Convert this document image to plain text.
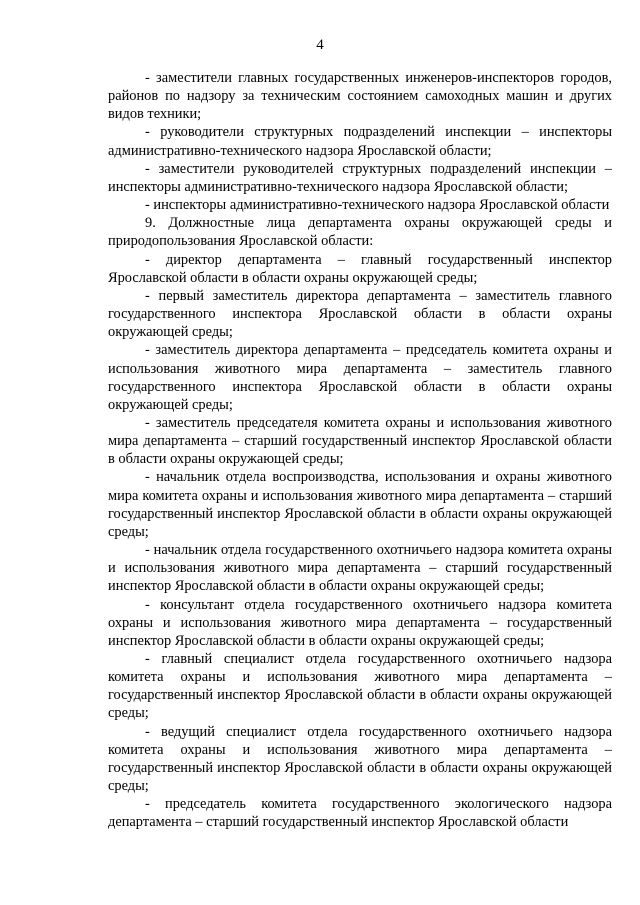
4

- заместители главных государственных инженеров-инспекторов городов, районов по надзору за техническим состоянием самоходных машин и других видов техники;

- руководители структурных подразделений инспекции – инспекторы административно-технического надзора Ярославской области;

- заместители руководителей структурных подразделений инспекции – инспекторы административно-технического надзора Ярославской области;

- инспекторы административно-технического надзора Ярославской области

9. Должностные лица департамента охраны окружающей среды и природопользования Ярославской области:

- директор департамента – главный государственный инспектор Ярославской области в области охраны окружающей среды;

- первый заместитель директора департамента – заместитель главного государственного инспектора Ярославской области в области охраны окружающей среды;

- заместитель директора департамента – председатель комитета охраны и использования животного мира департамента – заместитель главного государственного инспектора Ярославской области в области охраны окружающей среды;

- заместитель председателя комитета охраны и использования животного мира департамента – старший государственный инспектор Ярославской области в области охраны окружающей среды;

- начальник отдела воспроизводства, использования и охраны животного мира комитета охраны и использования животного мира департамента – старший государственный инспектор Ярославской области в области охраны окружающей среды;

- начальник отдела государственного охотничьего надзора комитета охраны и использования животного мира департамента – старший государственный инспектор Ярославской области в области охраны окружающей среды;

- консультант отдела государственного охотничьего надзора комитета охраны и использования животного мира департамента – государственный инспектор Ярославской области в области охраны окружающей среды;

- главный специалист отдела государственного охотничьего надзора комитета охраны и использования животного мира департамента – государственный инспектор Ярославской области в области охраны окружающей среды;

- ведущий специалист отдела государственного охотничьего надзора комитета охраны и использования животного мира департамента – государственный инспектор Ярославской области в области охраны окружающей среды;

- председатель комитета государственного экологического надзора департамента – старший государственный инспектор Ярославской области
